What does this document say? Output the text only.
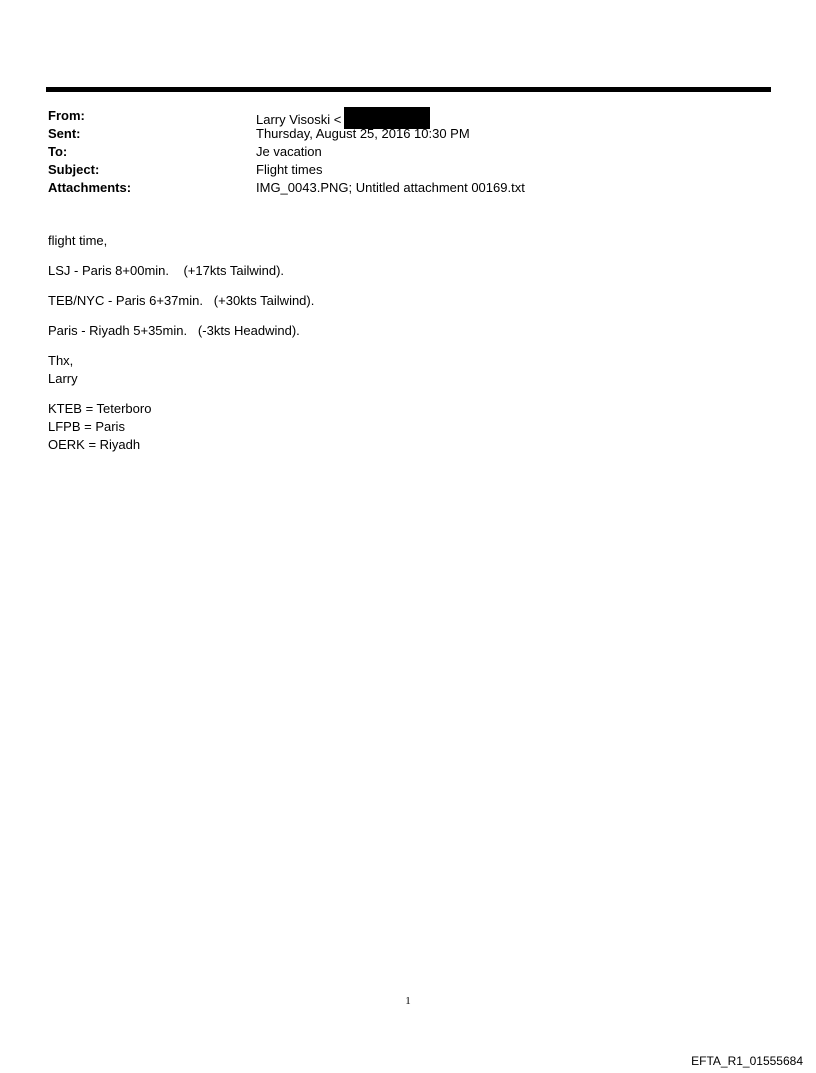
From:	Larry Visoski <
Sent:	Thursday, August 25, 2016 10:30 PM
To:	Je vacation
Subject:	Flight times
Attachments:	IMG_0043.PNG; Untitled attachment 00169.txt

flight time,

LSJ - Paris 8+00min.    (+17kts Tailwind).

TEB/NYC - Paris 6+37min.   (+30kts Tailwind).

Paris - Riyadh 5+35min.   (-3kts Headwind).

Thx,

Larry

KTEB = Teterboro

LFPB = Paris

OERK = Riyadh

1
EFTA_R1_01555684
